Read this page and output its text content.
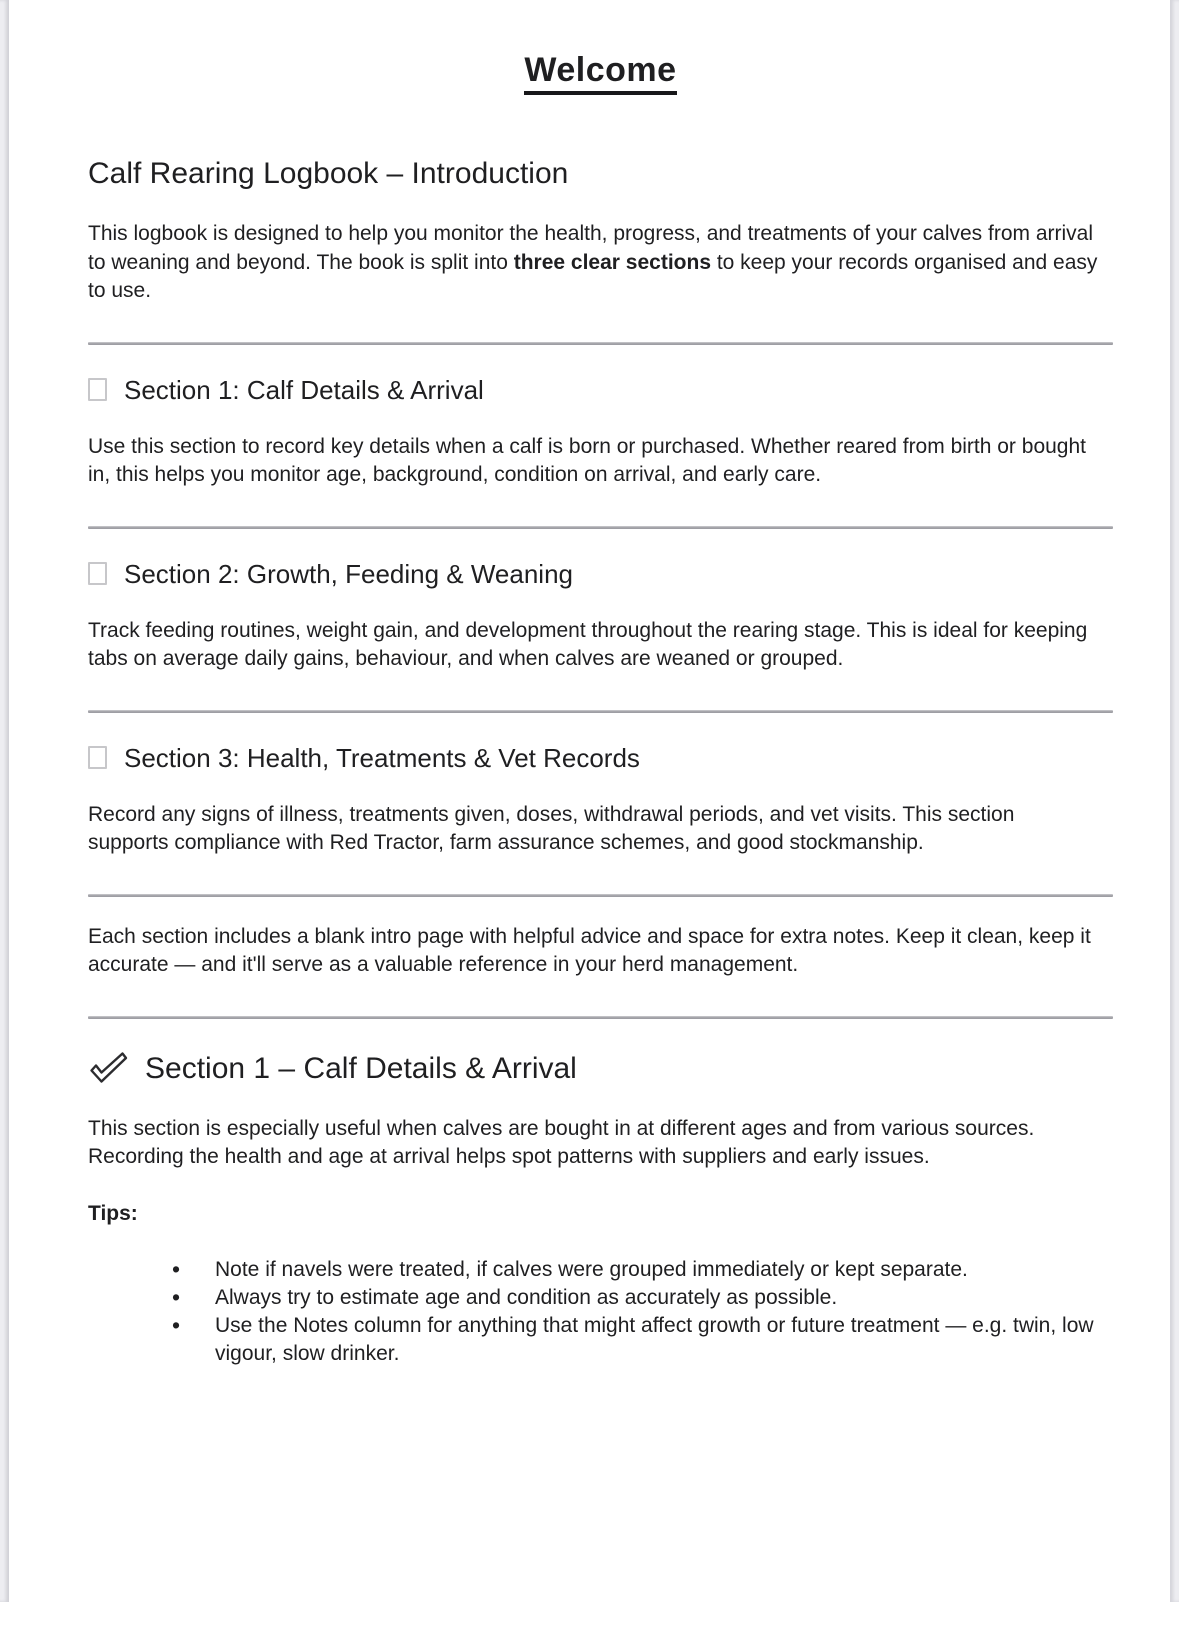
Welcome
Calf Rearing Logbook – Introduction

This logbook is designed to help you monitor the health, progress, and treatments of your calves from arrival to weaning and beyond. The book is split into three clear sections to keep your records organised and easy to use.

Section 1: Calf Details & Arrival

Use this section to record key details when a calf is born or purchased. Whether reared from birth or bought in, this helps you monitor age, background, condition on arrival, and early care.

Section 2: Growth, Feeding & Weaning

Track feeding routines, weight gain, and development throughout the rearing stage. This is ideal for keeping tabs on average daily gains, behaviour, and when calves are weaned or grouped.

Section 3: Health, Treatments & Vet Records

Record any signs of illness, treatments given, doses, withdrawal periods, and vet visits. This section supports compliance with Red Tractor, farm assurance schemes, and good stockmanship.

Each section includes a blank intro page with helpful advice and space for extra notes. Keep it clean, keep it accurate — and it'll serve as a valuable reference in your herd management.

Section 1 – Calf Details & Arrival

This section is especially useful when calves are bought in at different ages and from various sources. Recording the health and age at arrival helps spot patterns with suppliers and early issues.

Tips:

• Note if navels were treated, if calves were grouped immediately or kept separate.
• Always try to estimate age and condition as accurately as possible.
• Use the Notes column for anything that might affect growth or future treatment — e.g. twin, low vigour, slow drinker.
